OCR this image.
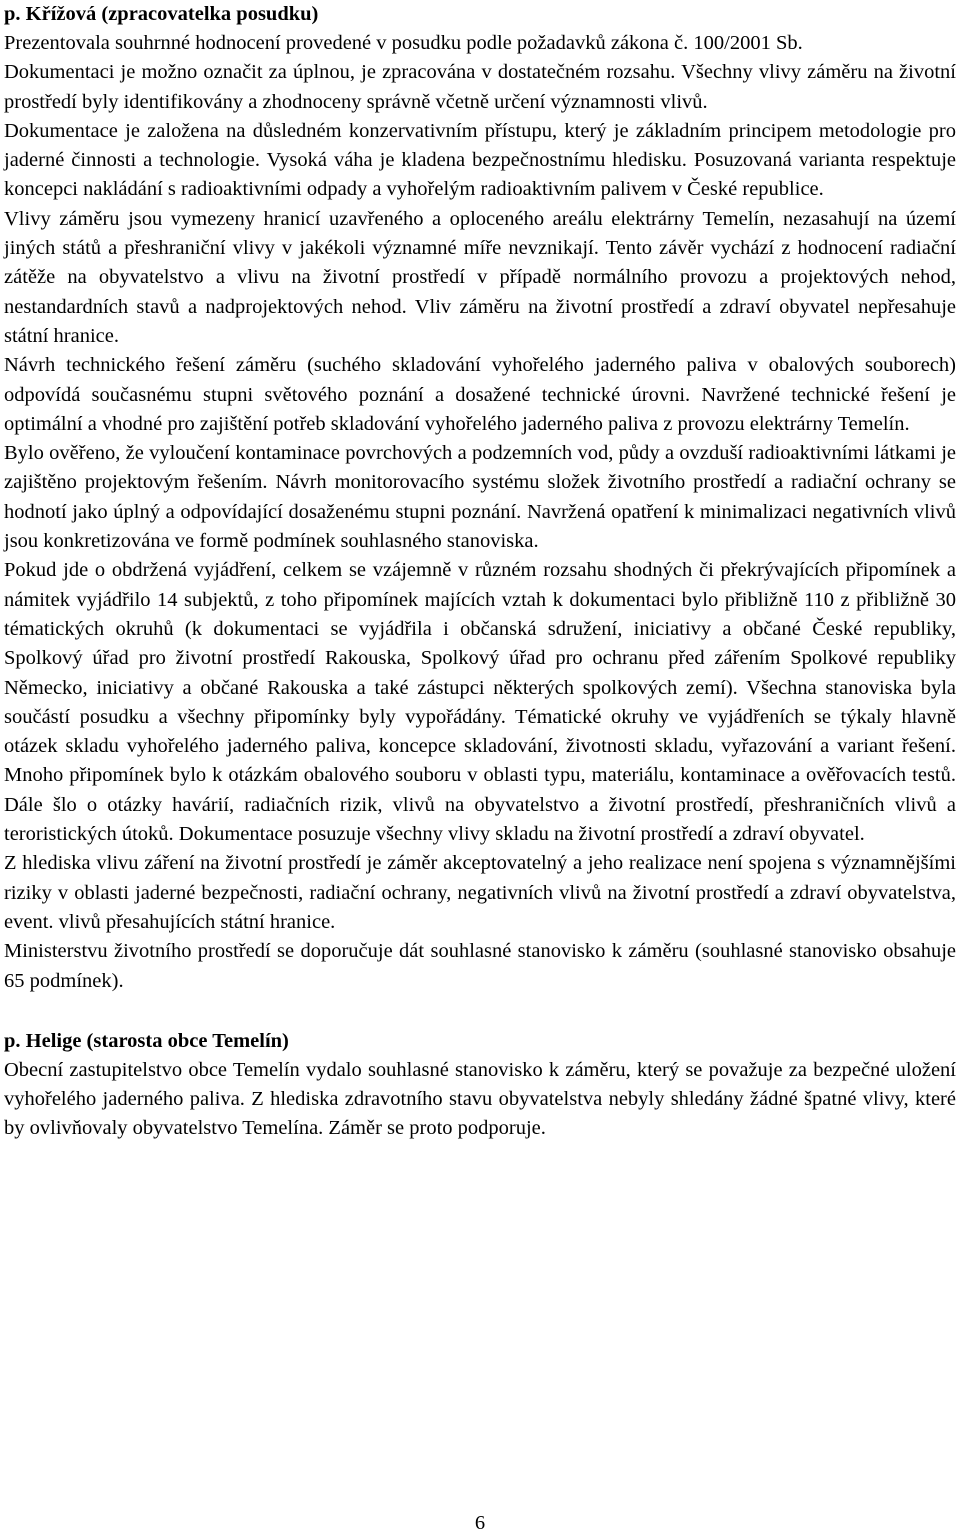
p. Křížová (zpracovatelka posudku)

Prezentovala souhrnné hodnocení provedené v posudku podle požadavků zákona č. 100/2001 Sb.

Dokumentaci je možno označit za úplnou, je zpracována v dostatečném rozsahu. Všechny vlivy záměru na životní prostředí byly identifikovány a zhodnoceny správně včetně určení významnosti vlivů.

Dokumentace je založena na důsledném konzervativním přístupu, který je základním principem metodologie pro jaderné činnosti a technologie. Vysoká váha je kladena bezpečnostnímu hledisku. Posuzovaná varianta respektuje koncepci nakládání s radioaktivními odpady a vyhořelým radioaktivním palivem v České republice.

Vlivy záměru jsou vymezeny hranicí uzavřeného a oploceného areálu elektrárny Temelín, nezasahují na území jiných států a přeshraniční vlivy v jakékoli významné míře nevznikají. Tento závěr vychází z hodnocení radiační zátěže na obyvatelstvo a vlivu na životní prostředí v případě normálního provozu a projektových nehod, nestandardních stavů a nadprojektových nehod. Vliv záměru na životní prostředí a zdraví obyvatel nepřesahuje státní hranice.

Návrh technického řešení záměru (suchého skladování vyhořelého jaderného paliva v obalových souborech) odpovídá současnému stupni světového poznání a dosažené technické úrovni. Navržené technické řešení je optimální a vhodné pro zajištění potřeb skladování vyhořelého jaderného paliva z provozu elektrárny Temelín.

Bylo ověřeno, že vyloučení kontaminace povrchových a podzemních vod, půdy a ovzduší radioaktivními látkami je zajištěno projektovým řešením. Návrh monitorovacího systému složek životního prostředí a radiační ochrany se hodnotí jako úplný a odpovídající dosaženému stupni poznání. Navržená opatření k minimalizaci negativních vlivů jsou konkretizována ve formě podmínek souhlasného stanoviska.

Pokud jde o obdržená vyjádření, celkem se vzájemně v různém rozsahu shodných či překrývajících připomínek a námitek vyjádřilo 14 subjektů, z toho připomínek majících vztah k dokumentaci bylo přibližně 110 z přibližně 30 tématických okruhů (k dokumentaci se vyjádřila i občanská sdružení, iniciativy a občané České republiky, Spolkový úřad pro životní prostředí Rakouska, Spolkový úřad pro ochranu před zářením Spolkové republiky Německo, iniciativy a občané Rakouska a také zástupci některých spolkových zemí). Všechna stanoviska byla součástí posudku a všechny připomínky byly vypořádány. Tématické okruhy ve vyjádřeních se týkaly hlavně otázek skladu vyhořelého jaderného paliva, koncepce skladování, životnosti skladu, vyřazování a variant řešení. Mnoho připomínek bylo k otázkám obalového souboru v oblasti typu, materiálu, kontaminace a ověřovacích testů. Dále šlo o otázky havárií, radiačních rizik, vlivů na obyvatelstvo a životní prostředí, přeshraničních vlivů a teroristických útoků. Dokumentace posuzuje všechny vlivy skladu na životní prostředí a zdraví obyvatel.

Z hlediska vlivu záření na životní prostředí je záměr akceptovatelný a jeho realizace není spojena s významnějšími riziky v oblasti jaderné bezpečnosti, radiační ochrany, negativních vlivů na životní prostředí a zdraví obyvatelstva, event. vlivů přesahujících státní hranice.

Ministerstvu životního prostředí se doporučuje dát souhlasné stanovisko k záměru (souhlasné stanovisko obsahuje 65 podmínek).

p. Helige (starosta obce Temelín)

Obecní zastupitelstvo obce Temelín vydalo souhlasné stanovisko k záměru, který se považuje za bezpečné uložení vyhořelého jaderného paliva. Z hlediska zdravotního stavu obyvatelstva nebyly shledány žádné špatné vlivy, které by ovlivňovaly obyvatelstvo Temelína. Záměr se proto podporuje.

6
